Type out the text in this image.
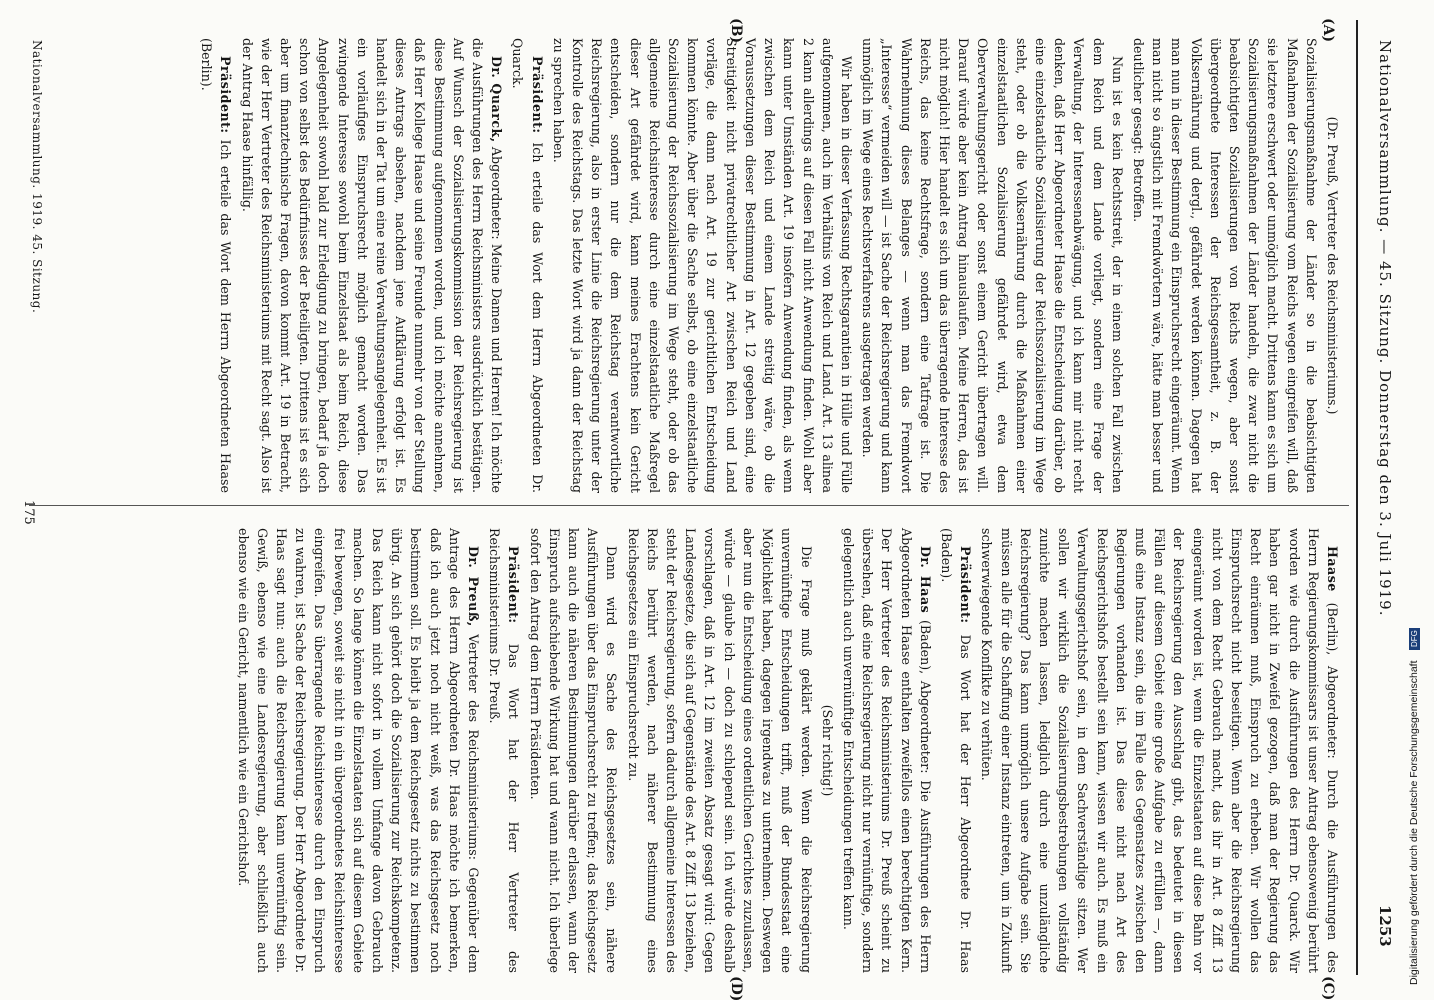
Nationalversammlung. — 45. Sitzung. Donnerstag den 3. Juli 1919.
1253
(A)
(B)
(C)
(D)

(Dr. Preuß, Vertreter des Reichsministeriums.)

Sozialisierungsmaßnahme der Länder so in die beabsichtigten Maßnahmen der Sozialisierung vom Reichs wegen eingreifen will, daß sie letztere erschwert oder unmöglich macht. Drittens kann es sich um Sozialisierungsmaßnahmen der Länder handeln, die zwar nicht die beabsichtigten Sozialisierungen von Reichs wegen, aber sonst übergeordnete Interessen der Reichsgesamtheit, z. B. der Volksernährung und dergl., gefährdet werden können. Dagegen hat man nun in dieser Bestimmung ein Einspruchsrecht eingeräumt. Wenn man nicht so ängstlich mit Fremdwörtern wäre, hätte man besser und deutlicher gesagt: Betroffen.

Nun ist es kein Rechtsstreit, der in einem solchen Fall zwischen dem Reich und dem Lande vorliegt, sondern eine Frage der Verwaltung, der Interessenabwägung, und ich kann mir nicht recht denken, daß Herr Abgeordneter Haase die Entscheidung darüber, ob eine einzelstaatliche Sozialisierung der Reichssozialisierung im Wege steht, oder ob die Volksernährung durch die Maßnahmen einer einzelstaatlichen Sozialisierung gefährdet wird, etwa dem Oberverwaltungsgericht oder sonst einem Gericht übertragen will. Darauf würde aber kein Antrag hinauslaufen. Meine Herren, das ist nicht möglich! Hier handelt es sich um das überragende Interesse des Reichs, das keine Rechtsfrage, sondern eine Tatfrage ist. Die Wahrnehmung dieses Belanges — wenn man das Fremdwort „Interesse“ vermeiden will — ist Sache der Reichsregierung und kann unmöglich im Wege eines Rechtsverfahrens ausgetragen werden.

Wir haben in dieser Verfassung Rechtsgarantien in Hülle und Fülle aufgenommen, auch im Verhältnis von Reich und Land. Art. 13 alinea 2 kann allerdings auf diesen Fall nicht Anwendung finden. Wohl aber kann unter Umständen Art. 19 insofern Anwendung finden, als wenn zwischen dem Reich und einem Lande streitig wäre, ob die Voraussetzungen dieser Bestimmung in Art. 12 gegeben sind, eine Streitigkeit nicht privatrechtlicher Art zwischen Reich und Land vorläge, die dann nach Art. 19 zur gerichtlichen Entscheidung kommen könnte. Aber über die Sache selbst, ob eine einzelstaatliche Sozialisierung der Reichssozialisierung im Wege steht, oder ob das allgemeine Reichsinteresse durch eine einzelstaatliche Maßregel dieser Art gefährdet wird, kann meines Erachtens kein Gericht entscheiden, sondern nur die dem Reichstag verantwortliche Reichsregierung, also in erster Linie die Reichsregierung unter der Kontrolle des Reichstags. Das letzte Wort wird ja dann der Reichstag zu sprechen haben.

Präsident: Ich erteile das Wort dem Herrn Abgeordneten Dr. Quarck.

Dr. Quarck, Abgeordneter: Meine Damen und Herren! Ich möchte die Ausführungen des Herrn Reichsministers ausdrücklich bestätigen. Auf Wunsch der Sozialisierungskommission der Reichsregierung ist diese Bestimmung aufgenommen worden, und ich möchte annehmen, daß Herr Kollege Haase und seine Freunde nunmehr von der Stellung dieses Antrags absehen, nachdem jene Aufklärung erfolgt ist. Es handelt sich in der Tat um eine reine Verwaltungsangelegenheit. Es ist ein vorläufiges Einspruchsrecht möglich gemacht worden. Das zwingende Interesse sowohl beim Einzelstaat als beim Reich, diese Angelegenheit sowohl bald zur Erledigung zu bringen, bedarf ja doch schon von selbst des Bedürfnisses der Beteiligten. Drittens ist es sich aber um finanztechnische Fragen, davon kommt Art. 19 in Betracht, wie der Herr Vertreter des Reichsministeriums mit Recht sagt. Also ist der Antrag Haase hinfällig.

Präsident: Ich erteile das Wort dem Herrn Abgeordneten Haase (Berlin).

Haase (Berlin), Abgeordneter: Durch die Ausführungen des Herrn Regierungskommissars ist unser Antrag ebensowenig berührt worden wie durch die Ausführungen des Herrn Dr. Quarck. Wir haben gar nicht in Zweifel gezogen, daß man der Regierung das Recht einräumen muß, Einspruch zu erheben. Wir wollen das Einspruchsrecht nicht beseitigen. Wenn aber die Reichsregierung nicht von dem Recht Gebrauch macht, das ihr in Art. 8 Ziff. 13 eingeräumt worden ist, wenn die Einzelstaaten auf diese Bahn vor der Reichsregierung den Ausschlag gibt, das bedeutet in diesen Fällen auf diesem Gebiet eine große Aufgabe zu erfüllen —, dann muß eine Instanz sein, die im Falle des Gegensatzes zwischen den Regierungen vorhanden ist. Das diese nicht nach Art des Reichsgerichtshofs bestellt sein kann, wissen wir auch. Es muß ein Verwaltungsgerichtshof sein, in dem Sachverständige sitzen. Wer sollen wir wirklich die Sozialisierungsbestrebungen vollständig zunichte machen lassen, lediglich durch eine unzulängliche Reichsregierung? Das kann unmöglich unsere Aufgabe sein. Sie müssen alle für die Schaffung einer Instanz eintreten, um in Zukunft schwerwiegende Konflikte zu verhüten.

Präsident: Das Wort hat der Herr Abgeordnete Dr. Haas (Baden).

Dr. Haas (Baden), Abgeordneter: Die Ausführungen des Herrn Abgeordneten Haase enthalten zweifellos einen berechtigten Kern. Der Herr Vertreter des Reichsministeriums Dr. Preuß scheint zu übersehen, daß eine Reichsregierung nicht nur vernünftige, sondern gelegentlich auch unvernünftige Entscheidungen treffen kann.

(Sehr richtig!)

Die Frage muß geklärt werden. Wenn die Reichsregierung unvernünftige Entscheidungen trifft, muß der Bundesstaat eine Möglichkeit haben, dagegen irgendwas zu unternehmen. Deswegen aber nun die Entscheidung eines ordentlichen Gerichtes zuzulassen, würde — glaube ich — doch zu schlepend sein. Ich würde deshalb vorschlagen, daß in Art. 12 im zweiten Absatz gesagt wird: Gegen Landesgesetze, die sich auf Gegenstände des Art. 8 Ziff. 13 beziehen, steht der Reichsregierung, sofern dadurch allgemeine Interessen des Reichs berührt werden, nach näherer Bestimmung eines Reichsgesetzes ein Einspruchsrecht zu.

Dann wird es Sache des Reichsgesetzes sein, nähere Ausführungen über das Einspruchsrecht zu treffen; das Reichsgesetz kann auch die näheren Bestimmungen darüber erlassen, wann der Einspruch aufschiebende Wirkung hat und wann nicht. Ich überlege sofort den Antrag dem Herrn Präsidenten.

Präsident: Das Wort hat der Herr Vertreter des Reichsministeriums Dr. Preuß.

Dr. Preuß, Vertreter des Reichsministeriums: Gegenüber dem Antrage des Herrn Abgeordneten Dr. Haas möchte ich bemerken, daß ich auch jetzt noch nicht weiß, was das Reichsgesetz noch bestimmen soll. Es bleibt ja dem Reichsgesetz nichts zu bestimmen übrig. An sich gehört doch die Sozialisierung zur Reichskompetenz. Das Reich kann nicht sofort in vollem Umfange davon Gebrauch machen. So lange können die Einzelstaaten sich auf diesem Gebiete frei bewegen, soweit sie nicht in ein übergeordnetes Reichsinteresse eingreifen. Das überragende Reichsinteresse durch den Einspruch zu wahren, ist Sache der Reichsregierung. Der Herr Abgeordnete Dr. Haas sagt nun: auch die Reichsregierung kann unvernünftig sein. Gewiß, ebenso wie eine Landesregierung, aber schließlich auch ebenso wie ein Gericht, namentlich wie ein Gerichtshof.

Nationalversammlung. 1919. 45. Sitzung.
175
Digitalisierung gefördert durch die Deutsche Forschungsgemeinschaft DFG
